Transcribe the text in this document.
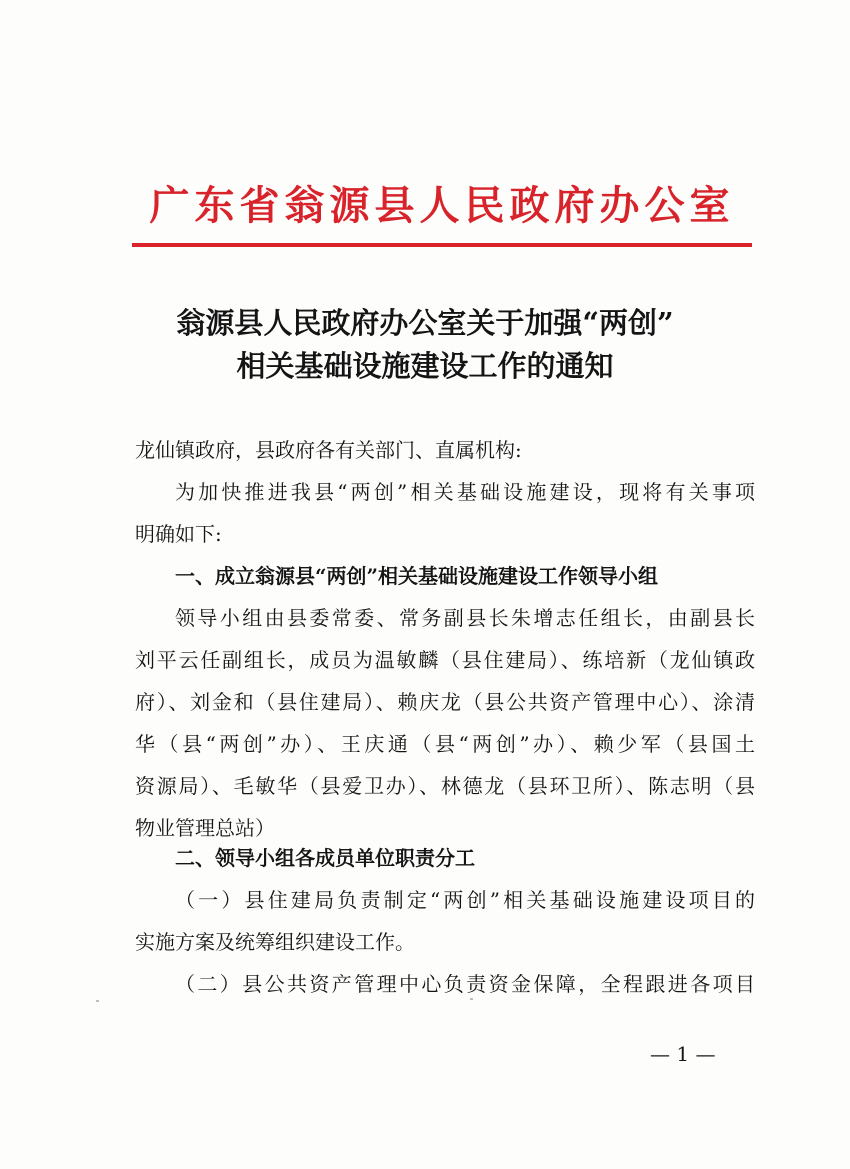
广东省翁源县人民政府办公室
翁源县人民政府办公室关于加强“两创”
相关基础设施建设工作的通知
龙仙镇政府，县政府各有关部门、直属机构:
为加快推进我县“两创”相关基础设施建设，现将有关事项
明确如下:
一、成立翁源县“两创”相关基础设施建设工作领导小组
领导小组由县委常委、常务副县长朱增志任组长，由副县长
刘平云任副组长，成员为温敏麟（县住建局）、练培新（龙仙镇政
府）、刘金和（县住建局）、赖庆龙（县公共资产管理中心）、涂清
华（县“两创”办）、王庆通（县“两创”办）、赖少军（县国土
资源局）、毛敏华（县爱卫办）、林德龙（县环卫所）、陈志明（县
物业管理总站）
二、领导小组各成员单位职责分工
（一）县住建局负责制定“两创”相关基础设施建设项目的
实施方案及统筹组织建设工作。
（二）县公共资产管理中心负责资金保障，全程跟进各项目
— 1 —
